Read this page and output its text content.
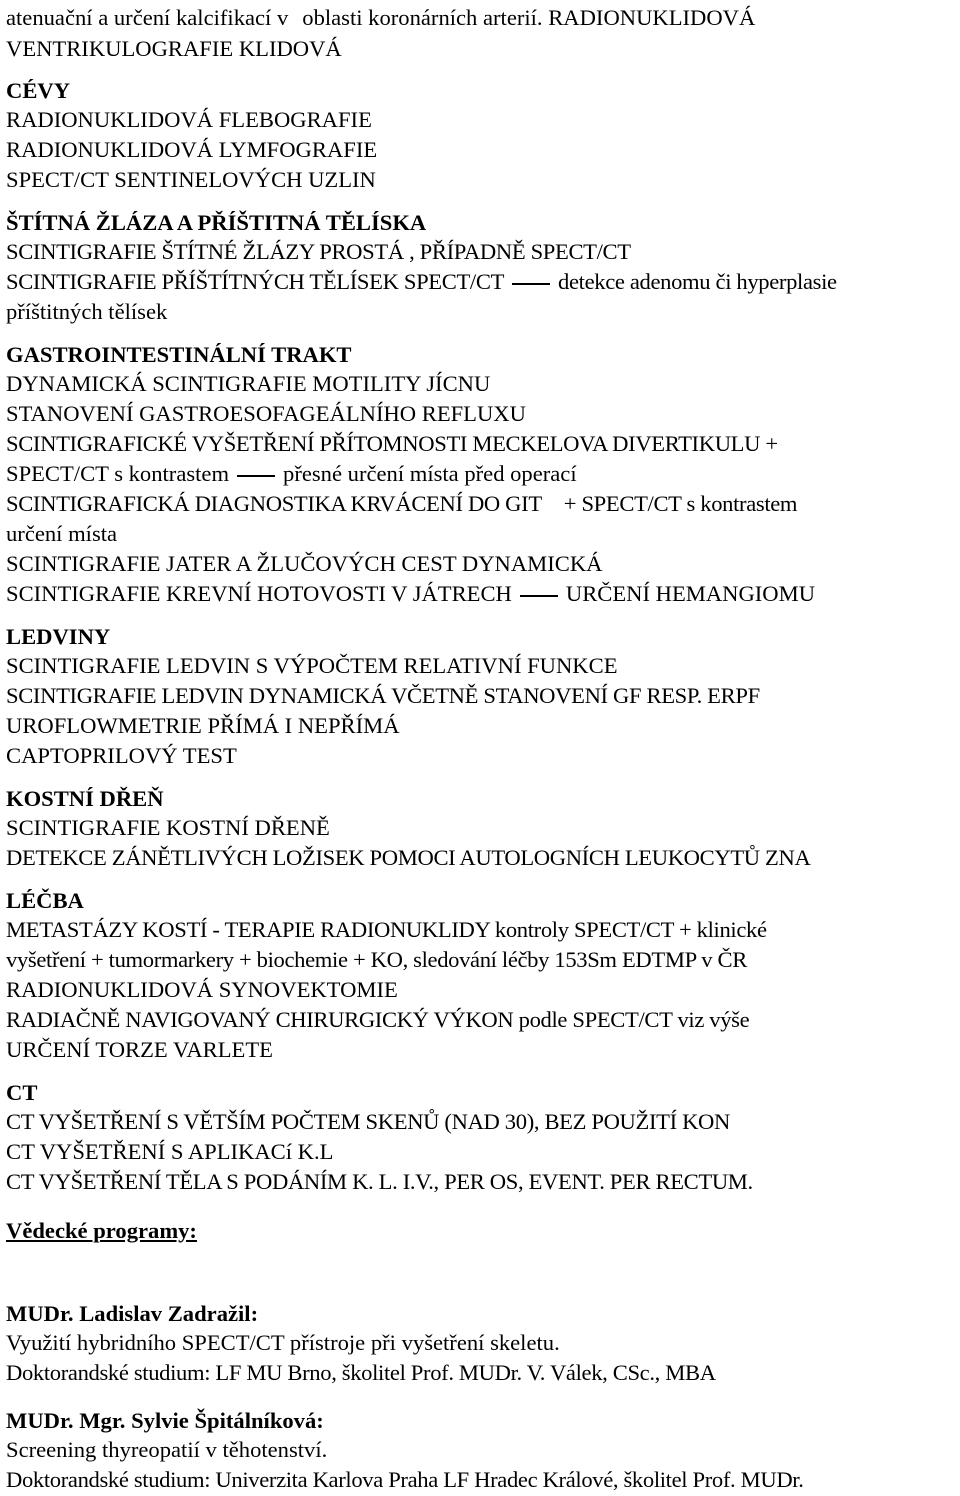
atenuační a určení kalcifikací v oblasti koronárních arterií. RADIONUKLIDOVÁ
VENTRIKULOGRAFIE KLIDOVÁ
CÉVY
RADIONUKLIDOVÁ FLEBOGRAFIE
RADIONUKLIDOVÁ LYMFOGRAFIE
SPECT/CT SENTINELOVÝCH UZLIN
ŠTÍTNÁ ŽLÁZA A PŘÍŠTITNÁ TĚLÍSKA
SCINTIGRAFIE ŠTÍTNÉ ŽLÁZY PROSTÁ , PŘÍPADNĚ SPECT/CT
SCINTIGRAFIE PŘÍŠTÍTNÝCH TĚLÍSEK SPECT/CT detekce adenomu či hyperplasie
příštitných tělísek
GASTROINTESTINÁLNÍ TRAKT
DYNAMICKÁ SCINTIGRAFIE MOTILITY JÍCNU
STANOVENÍ GASTROESOFAGEÁLNÍHO REFLUXU
SCINTIGRAFICKÉ VYŠETŘENÍ PŘÍTOMNOSTI MECKELOVA DIVERTIKULU +
SPECT/CT s kontrastem přesné určení místa před operací
SCINTIGRAFICKÁ DIAGNOSTIKA KRVÁCENÍ DO GIT + SPECT/CT s kontrastem
určení místa
SCINTIGRAFIE JATER A ŽLUČOVÝCH CEST DYNAMICKÁ
SCINTIGRAFIE KREVNÍ HOTOVOSTI V JÁTRECH URČENÍ HEMANGIOMU
LEDVINY
SCINTIGRAFIE LEDVIN S VÝPOČTEM RELATIVNÍ FUNKCE
SCINTIGRAFIE LEDVIN DYNAMICKÁ VČETNĚ STANOVENÍ GF RESP. ERPF
UROFLOWMETRIE PŘÍMÁ I NEPŘÍMÁ
CAPTOPRILOVÝ TEST
KOSTNÍ DŘEŇ
SCINTIGRAFIE KOSTNÍ DŘENĚ
DETEKCE ZÁNĚTLIVÝCH LOŽISEK POMOCI AUTOLOGNÍCH LEUKOCYTŮ ZNA
LÉČBA
METASTÁZY KOSTÍ - TERAPIE RADIONUKLIDY kontroly SPECT/CT + klinické
vyšetření + tumormarkery + biochemie + KO, sledování léčby 153Sm EDTMP v ČR
RADIONUKLIDOVÁ SYNOVEKTOMIE
RADIAČNĚ NAVIGOVANÝ CHIRURGICKÝ VÝKON podle SPECT/CT viz výše
URČENÍ TORZE VARLETE
CT
CT VYŠETŘENÍ S VĚTŠÍM POČTEM SKENŮ (NAD 30), BEZ POUŽITÍ KON
CT VYŠETŘENÍ S APLIKACí K.L
CT VYŠETŘENÍ TĚLA S PODÁNÍM K. L. I.V., PER OS, EVENT. PER RECTUM.
Vědecké programy:
MUDr. Ladislav Zadražil:
Využití hybridního SPECT/CT přístroje při vyšetření skeletu.
Doktorandské studium: LF MU Brno, školitel Prof. MUDr. V. Válek, CSc., MBA
MUDr. Mgr. Sylvie Špitálníková:
Screening thyreopatií v těhotenství.
Doktorandské studium: Univerzita Karlova Praha LF Hradec Králové, školitel Prof. MUDr.
